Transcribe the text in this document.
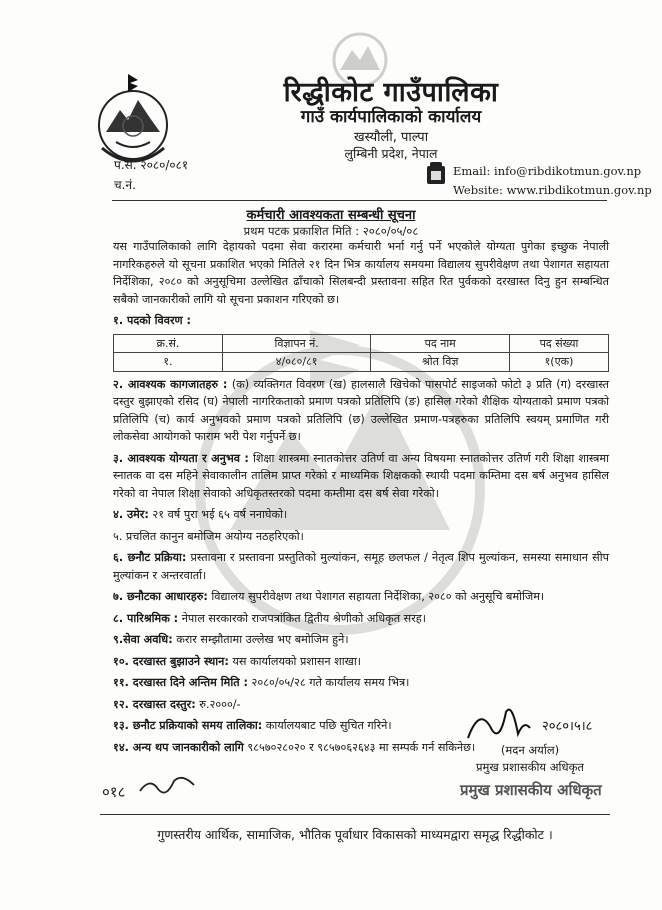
रिद्धीकोट गाउँपालिका
गाउँ कार्यपालिकाको कार्यालय
खस्यौली, पाल्पा
लुम्बिनी प्रदेश, नेपाल
प.सं. २०८०/०८१
च.नं.
Email: info@ribdikotmun.gov.np
Website: www.ribdikotmun.gov.np
कर्मचारी आवश्यकता सम्बन्धी सूचना
प्रथम पटक प्रकाशित मिति : २०८०/०५/०८

यस गाउँपालिकाको लागि देहायको पदमा सेवा करारमा कर्मचारी भर्ना गर्नु पर्ने भएकोले योग्यता पुगेका इच्छुक नेपाली नागरिकहरुले यो सूचना प्रकाशित भएको मितिले २१ दिन भित्र कार्यालय समयमा विद्यालय सुपरीवेक्षण तथा पेशागत सहायता निर्देशिका, २०८० को अनुसूचिमा उल्लेखित ढाँचाको सिलबन्दी प्रस्तावना सहित रित पुर्वकको दरखास्त दिनु हुन सम्बन्धित सबैको जानकारीको लागि यो सूचना प्रकाशन गरिएको छ।

१. पदको विवरण :

क्र.सं.	विज्ञापन नं.	पद नाम	पद संख्या
१.	४/०८०/८१	श्रोत विज्ञ	१(एक)

२. आवश्यक कागजातहरु : (क) व्यक्तिगत विवरण (ख) हालसालै खिचेको पासपोर्ट साइजको फोटो ३ प्रति (ग) दरखास्त दस्तुर बुझाएको रसिद (घ) नेपाली नागरिकताको प्रमाण पत्रको प्रतिलिपि (ङ) हासिल गरेको शैक्षिक योग्यताको प्रमाण पत्रको प्रतिलिपि (च) कार्य अनुभवको प्रमाण पत्रको प्रतिलिपि (छ) उल्लेखित प्रमाण-पत्रहरुका प्रतिलिपि स्वयम् प्रमाणित गरी लोकसेवा आयोगको फाराम भरी पेश गर्नुपर्ने छ।

३. आवश्यक योग्यता र अनुभव : शिक्षा शास्त्रमा स्नातकोत्तर उतिर्ण वा अन्य विषयमा स्नातकोत्तर उतिर्ण गरी शिक्षा शास्त्रमा स्नातक वा दस महिने सेवाकालीन तालिम प्राप्त गरेको र माध्यमिक शिक्षकको स्थायी पदमा कम्तिमा दस बर्ष अनुभव हासिल गरेको वा नेपाल शिक्षा सेवाको अधिकृतस्तरको पदमा कम्तीमा दस बर्ष सेवा गरेको।

४. उमेर: २१ वर्ष पुरा भई ६५ वर्ष ननाघेको।

५. प्रचलित कानुन बमोजिम अयोग्य नठहरिएको।

६. छनौट प्रक्रिया: प्रस्तावना र प्रस्तावना प्रस्तुतिको मुल्यांकन, समूह छलफल / नेतृत्व शिप मुल्यांकन, समस्या समाधान सीप मुल्यांकन र अन्तरवार्ता।

७. छनौटका आधारहरु: विद्यालय सुपरीवेक्षण तथा पेशागत सहायता निर्देशिका, २०८० को अनुसूचि बमोजिम।

८. पारिश्रमिक : नेपाल सरकारको राजपत्रांकित द्वितीय श्रेणीको अधिकृत सरह।

९.सेवा अवधि: करार सम्झौतामा उल्लेख भए बमोजिम हुने।

१०. दरखास्त बुझाउने स्थान: यस कार्यालयको प्रशासन शाखा।

११. दरखास्त दिने अन्तिम मिति : २०८०/०५/२८ गते कार्यालय समय भित्र।

१२. दरखास्त दस्तुर: रु.२०००/-

१३. छनौट प्रक्रियाको समय तालिका: कार्यालयबाट पछि सुचित गरिने।

१४. अन्य थप जानकारीको लागि ९८५७०२८०२० र ९८५७०६२६४३ मा सम्पर्क गर्न सकिनेछ।

२०८०।५।८
(मदन अर्याल)
प्रमुख प्रशासकीय अधिकृत
प्रमुख प्रशासकीय अधिकृत
०१८
गुणस्तरीय आर्थिक, सामाजिक, भौतिक पूर्वाधार विकासको माध्यमद्वारा समृद्ध रिद्धीकोट ।
